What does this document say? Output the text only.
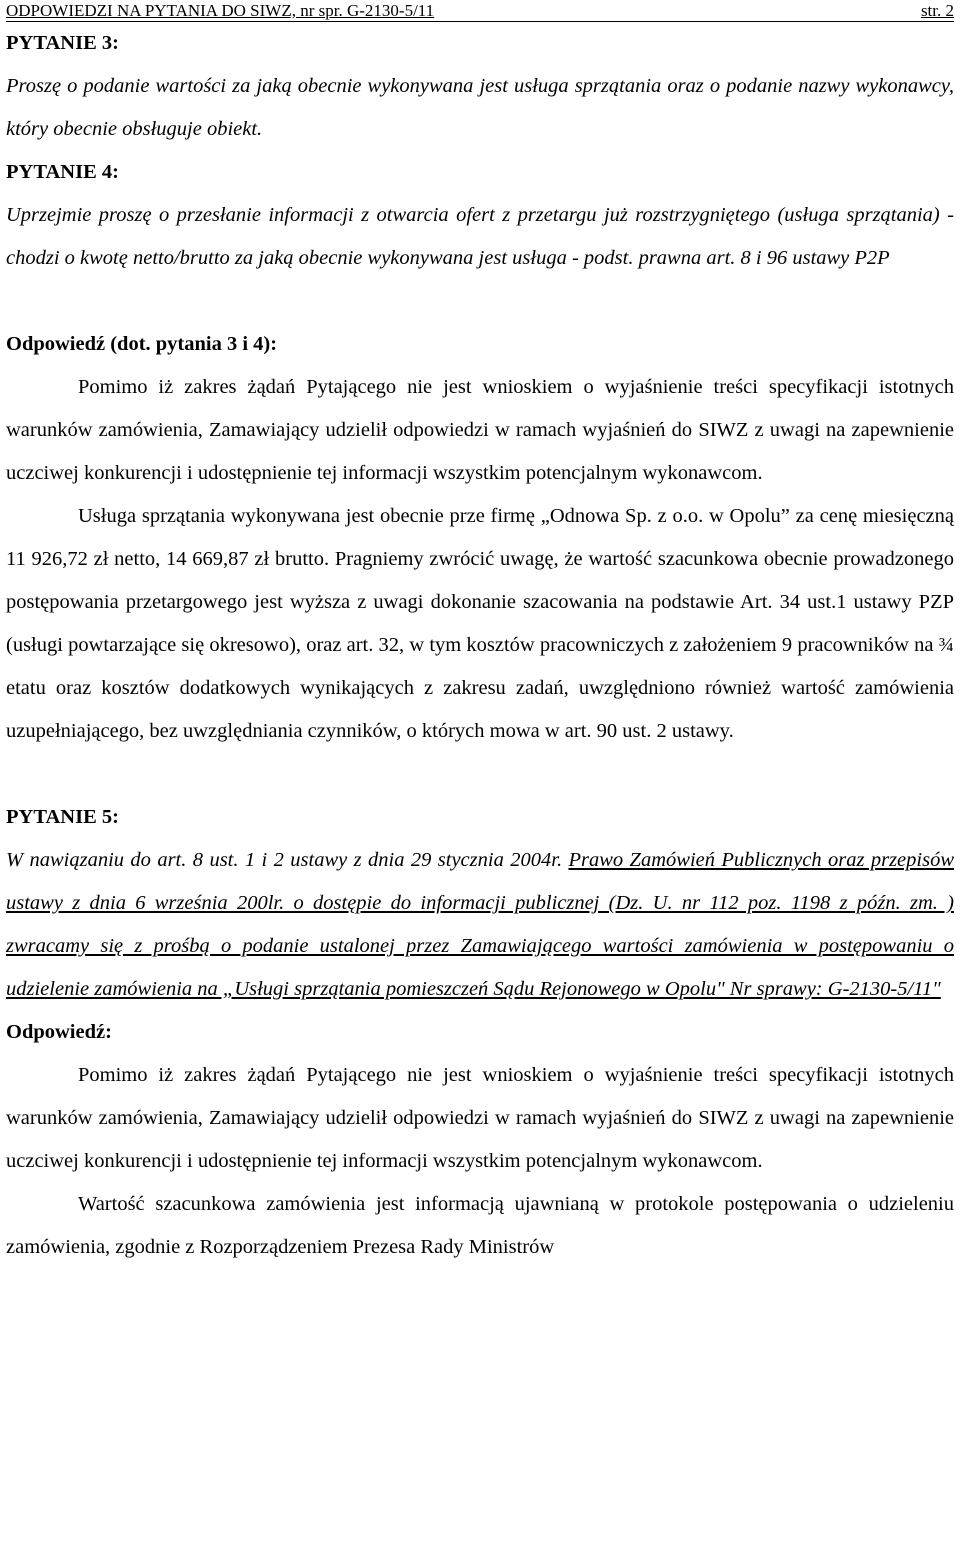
ODPOWIEDZI NA PYTANIA DO SIWZ, nr spr. G-2130-5/11	str. 2
PYTANIE 3:
Proszę o podanie wartości za jaką obecnie wykonywana jest usługa sprzątania oraz o podanie nazwy wykonawcy, który obecnie obsługuje obiekt.
PYTANIE 4:
Uprzejmie proszę o przesłanie informacji z otwarcia ofert z przetargu już rozstrzygniętego (usługa sprzątania) - chodzi o kwotę netto/brutto za jaką obecnie wykonywana jest usługa - podst. prawna art. 8 i 96 ustawy P2P
Odpowiedź (dot. pytania 3 i 4):
Pomimo iż zakres żądań Pytającego nie jest wnioskiem o wyjaśnienie treści specyfikacji istotnych warunków zamówienia, Zamawiający udzielił odpowiedzi w ramach wyjaśnień do SIWZ z uwagi na zapewnienie uczciwej konkurencji i udostępnienie tej informacji wszystkim potencjalnym wykonawcom.
Usługa sprzątania wykonywana jest obecnie prze firmę „Odnowa Sp. z o.o. w Opolu” za cenę miesięczną 11 926,72 zł netto, 14 669,87 zł brutto. Pragniemy zwrócić uwagę, że wartość szacunkowa obecnie prowadzonego postępowania przetargowego jest wyższa z uwagi dokonanie szacowania na podstawie Art. 34 ust.1 ustawy PZP (usługi powtarzające się okresowo), oraz art. 32, w tym kosztów pracowniczych z założeniem 9 pracowników na ¾ etatu oraz kosztów dodatkowych wynikających z zakresu zadań, uwzględniono również wartość zamówienia uzupełniającego, bez uwzględniania czynników, o których mowa w art. 90 ust. 2 ustawy.
PYTANIE 5:
W nawiązaniu do art. 8 ust. 1 i 2 ustawy z dnia 29 stycznia 2004r. Prawo Zamówień Publicznych oraz przepisów ustawy z dnia 6 września 200lr. o dostępie do informacji publicznej (Dz. U. nr 112 poz. 1198 z późn. zm. ) zwracamy się z prośbą o podanie ustalonej przez Zamawiającego wartości zamówienia w postępowaniu o udzielenie zamówienia na „Usługi sprzątania pomieszczeń Sądu Rejonowego w Opolu" Nr sprawy: G-2130-5/11"
Odpowiedź:
Pomimo iż zakres żądań Pytającego nie jest wnioskiem o wyjaśnienie treści specyfikacji istotnych warunków zamówienia, Zamawiający udzielił odpowiedzi w ramach wyjaśnień do SIWZ z uwagi na zapewnienie uczciwej konkurencji i udostępnienie tej informacji wszystkim potencjalnym wykonawcom.
Wartość szacunkowa zamówienia jest informacją ujawnianą w protokole postępowania o udzieleniu zamówienia, zgodnie z Rozporządzeniem Prezesa Rady Ministrów
